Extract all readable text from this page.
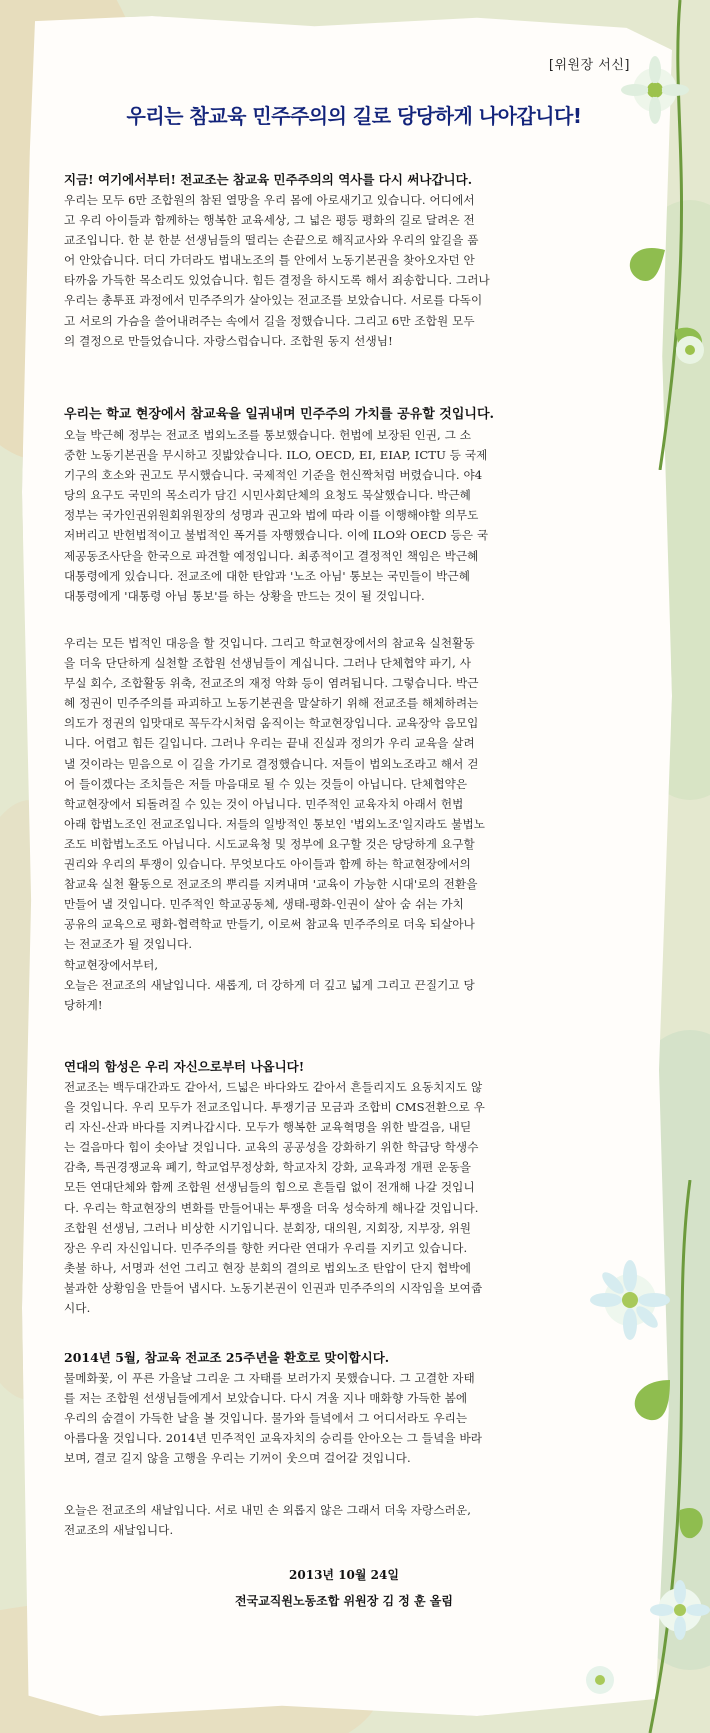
[위원장 서신]
우리는 참교육 민주주의의 길로 당당하게 나아갑니다!
지금! 여기에서부터! 전교조는 참교육 민주주의의 역사를 다시 써나갑니다.
우리는 모두 6만 조합원의 참된 열망을 우리 몸에 아로새기고 있습니다. 어디에서
고 우리 아이들과 함께하는 행복한 교육세상, 그 넓은 평등 평화의 길로 달려온 전
교조입니다. 한 분 한분 선생님들의 떨리는 손끝으로 해직교사와 우리의 앞길을 품
어 안았습니다. 더디 가더라도 법내노조의 틀 안에서 노동기본권을 찾아오자던 안
타까움 가득한 목소리도 있었습니다. 힘든 결정을 하시도록 해서 죄송합니다. 그러나
우리는 총투표 과정에서 민주주의가 살아있는 전교조를 보았습니다. 서로를 다독이
고 서로의 가슴을 쓸어내려주는 속에서 길을 정했습니다. 그리고 6만 조합원 모두
의 결정으로 만들었습니다. 자랑스럽습니다. 조합원 동지 선생님!
우리는 학교 현장에서 참교육을 일궈내며 민주주의 가치를 공유할 것입니다.
오늘 박근혜 정부는 전교조 법외노조를 통보했습니다. 헌법에 보장된 인권, 그 소
중한 노동기본권을 무시하고 짓밟았습니다. ILO, OECD, EI, EIAP, ICTU 등 국제
기구의 호소와 권고도 무시했습니다. 국제적인 기준을 헌신짝처럼 버렸습니다. 야4
당의 요구도 국민의 목소리가 담긴 시민사회단체의 요청도 묵살했습니다. 박근혜
정부는 국가인권위원회위원장의 성명과 권고와 법에 따라 이를 이행해야할 의무도
저버리고 반헌법적이고 불법적인 폭거를 자행했습니다. 이에 ILO와 OECD 등은 국
제공동조사단을 한국으로 파견할 예정입니다. 최종적이고 결정적인 책임은 박근혜
대통령에게 있습니다. 전교조에 대한 탄압과 '노조 아님' 통보는 국민들이 박근혜
대통령에게 '대통령 아님 통보'를 하는 상황을 만드는 것이 될 것입니다.
우리는 모든 법적인 대응을 할 것입니다. 그리고 학교현장에서의 참교육 실천활동
을 더욱 단단하게 실천할 조합원 선생님들이 계십니다. 그러나 단체협약 파기, 사
무실 회수, 조합활동 위축, 전교조의 재정 악화 등이 염려됩니다. 그렇습니다. 박근
혜 정권이 민주주의를 파괴하고 노동기본권을 말살하기 위해 전교조를 해체하려는
의도가 정권의 입맛대로 꼭두각시처럼 움직이는 학교현장입니다. 교육장악 음모입
니다. 어렵고 힘든 길입니다. 그러나 우리는 끝내 진실과 정의가 우리 교육을 살려
낼 것이라는 믿음으로 이 길을 가기로 결정했습니다. 저들이 법외노조라고 해서 걷
어 들이겠다는 조치들은 저들 마음대로 될 수 있는 것들이 아닙니다. 단체협약은
학교현장에서 되돌려질 수 있는 것이 아닙니다. 민주적인 교육자치 아래서 헌법
아래 합법노조인 전교조입니다. 저들의 일방적인 통보인 '법외노조'일지라도 불법노
조도 비합법노조도 아닙니다. 시도교육청 및 정부에 요구할 것은 당당하게 요구할
권리와 우리의 투쟁이 있습니다. 무엇보다도 아이들과 함께 하는 학교현장에서의
참교육 실천 활동으로 전교조의 뿌리를 지켜내며 '교육이 가능한 시대'로의 전환을
만들어 낼 것입니다. 민주적인 학교공동체, 생태-평화-인권이 살아 숨 쉬는 가치
공유의 교육으로 평화-협력학교 만들기, 이로써 참교육 민주주의로 더욱 되살아나
는 전교조가 될 것입니다.
학교현장에서부터,
오늘은 전교조의 새날입니다. 새롭게, 더 강하게 더 깊고 넓게 그리고 끈질기고 당
당하게!
연대의 함성은 우리 자신으로부터 나옵니다!
전교조는 백두대간과도 같아서, 드넓은 바다와도 같아서 흔들리지도 요동치지도 않
을 것입니다. 우리 모두가 전교조입니다. 투쟁기금 모금과 조합비 CMS전환으로 우
리 자신-산과 바다를 지켜나갑시다. 모두가 행복한 교육혁명을 위한 발걸음, 내딛
는 걸음마다 힘이 솟아날 것입니다. 교육의 공공성을 강화하기 위한 학급당 학생수
감축, 특권경쟁교육 폐기, 학교업무정상화, 학교자치 강화, 교육과정 개편 운동을
모든 연대단체와 함께 조합원 선생님들의 힘으로 흔들림 없이 전개해 나갈 것입니
다. 우리는 학교현장의 변화를 만들어내는 투쟁을 더욱 성숙하게 해나갈 것입니다.
조합원 선생님, 그러나 비상한 시기입니다. 분회장, 대의원, 지회장, 지부장, 위원
장은 우리 자신입니다. 민주주의를 향한 커다란 연대가 우리를 지키고 있습니다.
촛불 하나, 서명과 선언 그리고 현장 분회의 결의로 법외노조 탄압이 단지 협박에
불과한 상황임을 만들어 냅시다. 노동기본권이 인권과 민주주의의 시작임을 보여줍
시다.
2014년 5월, 참교육 전교조 25주년을 환호로 맞이합시다.
물메화꽃, 이 푸른 가을날 그리운 그 자태를 보러가지 못했습니다. 그 고결한 자태
를 저는 조합원 선생님들에게서 보았습니다. 다시 겨울 지나 매화향 가득한 봄에
우리의 숨결이 가득한 날을 볼 것입니다. 물가와 들녘에서 그 어디서라도 우리는
아름다울 것입니다. 2014년 민주적인 교육자치의 승리를 안아오는 그 들녘을 바라
보며, 결코 길지 않을 고행을 우리는 기꺼이 웃으며 걸어갈 것입니다.
오늘은 전교조의 새날입니다. 서로 내민 손 외롭지 않은 그래서 더욱 자랑스러운,
전교조의 새날입니다.
2013년 10월 24일
전국교직원노동조합 위원장 김 정 훈 올림
